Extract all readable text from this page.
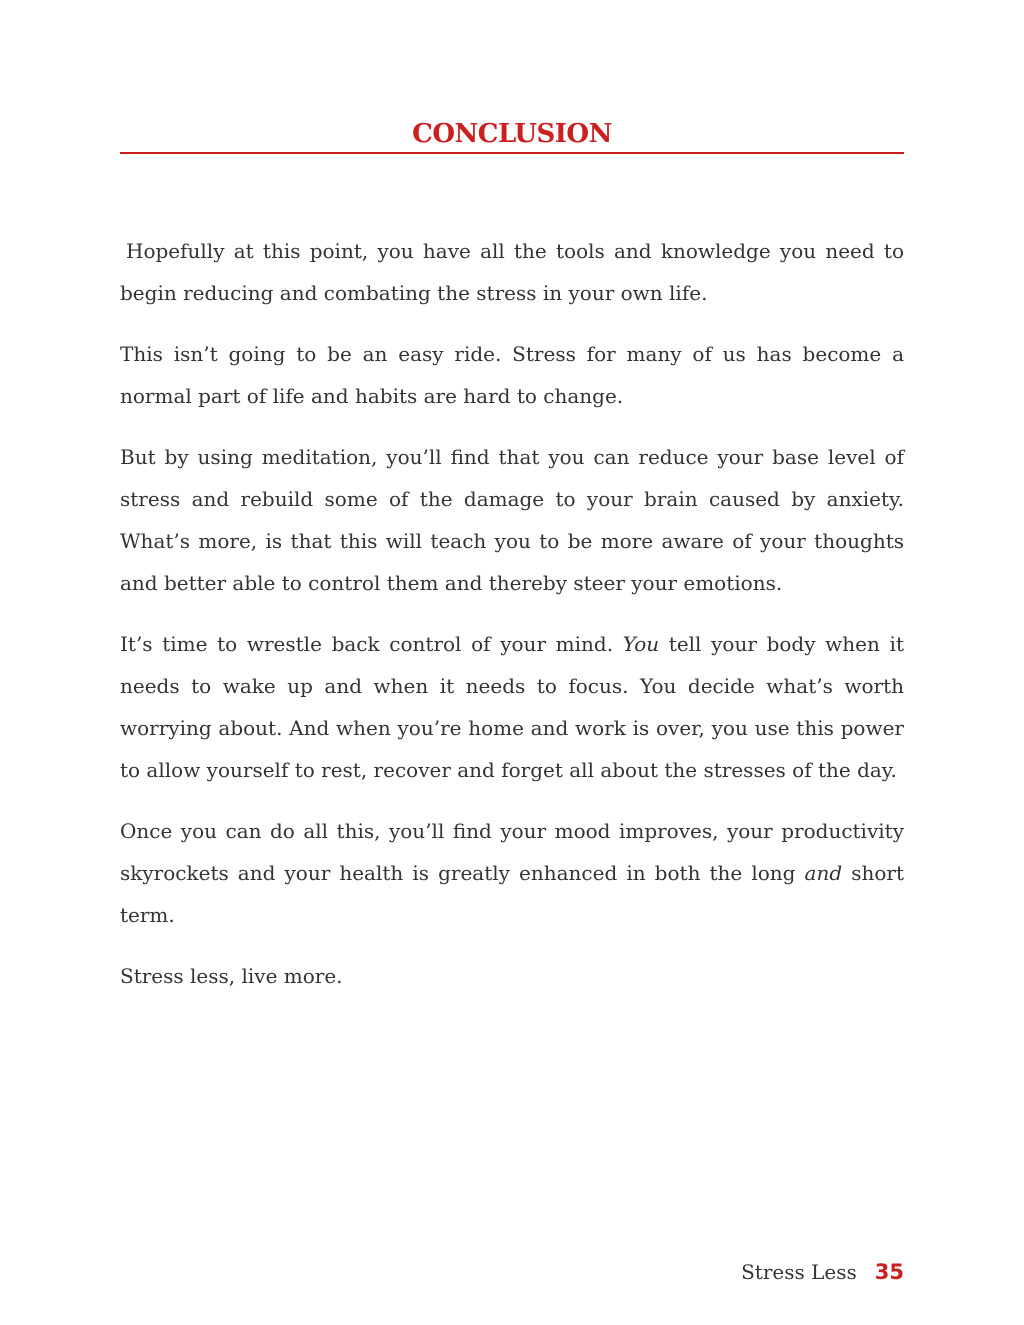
CONCLUSION

Hopefully at this point, you have all the tools and knowledge you need to begin reducing and combating the stress in your own life.

This isn’t going to be an easy ride. Stress for many of us has become a normal part of life and habits are hard to change.

But by using meditation, you’ll find that you can reduce your base level of stress and rebuild some of the damage to your brain caused by anxiety. What’s more, is that this will teach you to be more aware of your thoughts and better able to control them and thereby steer your emotions.

It’s time to wrestle back control of your mind. You tell your body when it needs to wake up and when it needs to focus. You decide what’s worth worrying about. And when you’re home and work is over, you use this power to allow yourself to rest, recover and forget all about the stresses of the day.

Once you can do all this, you’ll find your mood improves, your productivity skyrockets and your health is greatly enhanced in both the long and short term.

Stress less, live more.

Stress Less 35
